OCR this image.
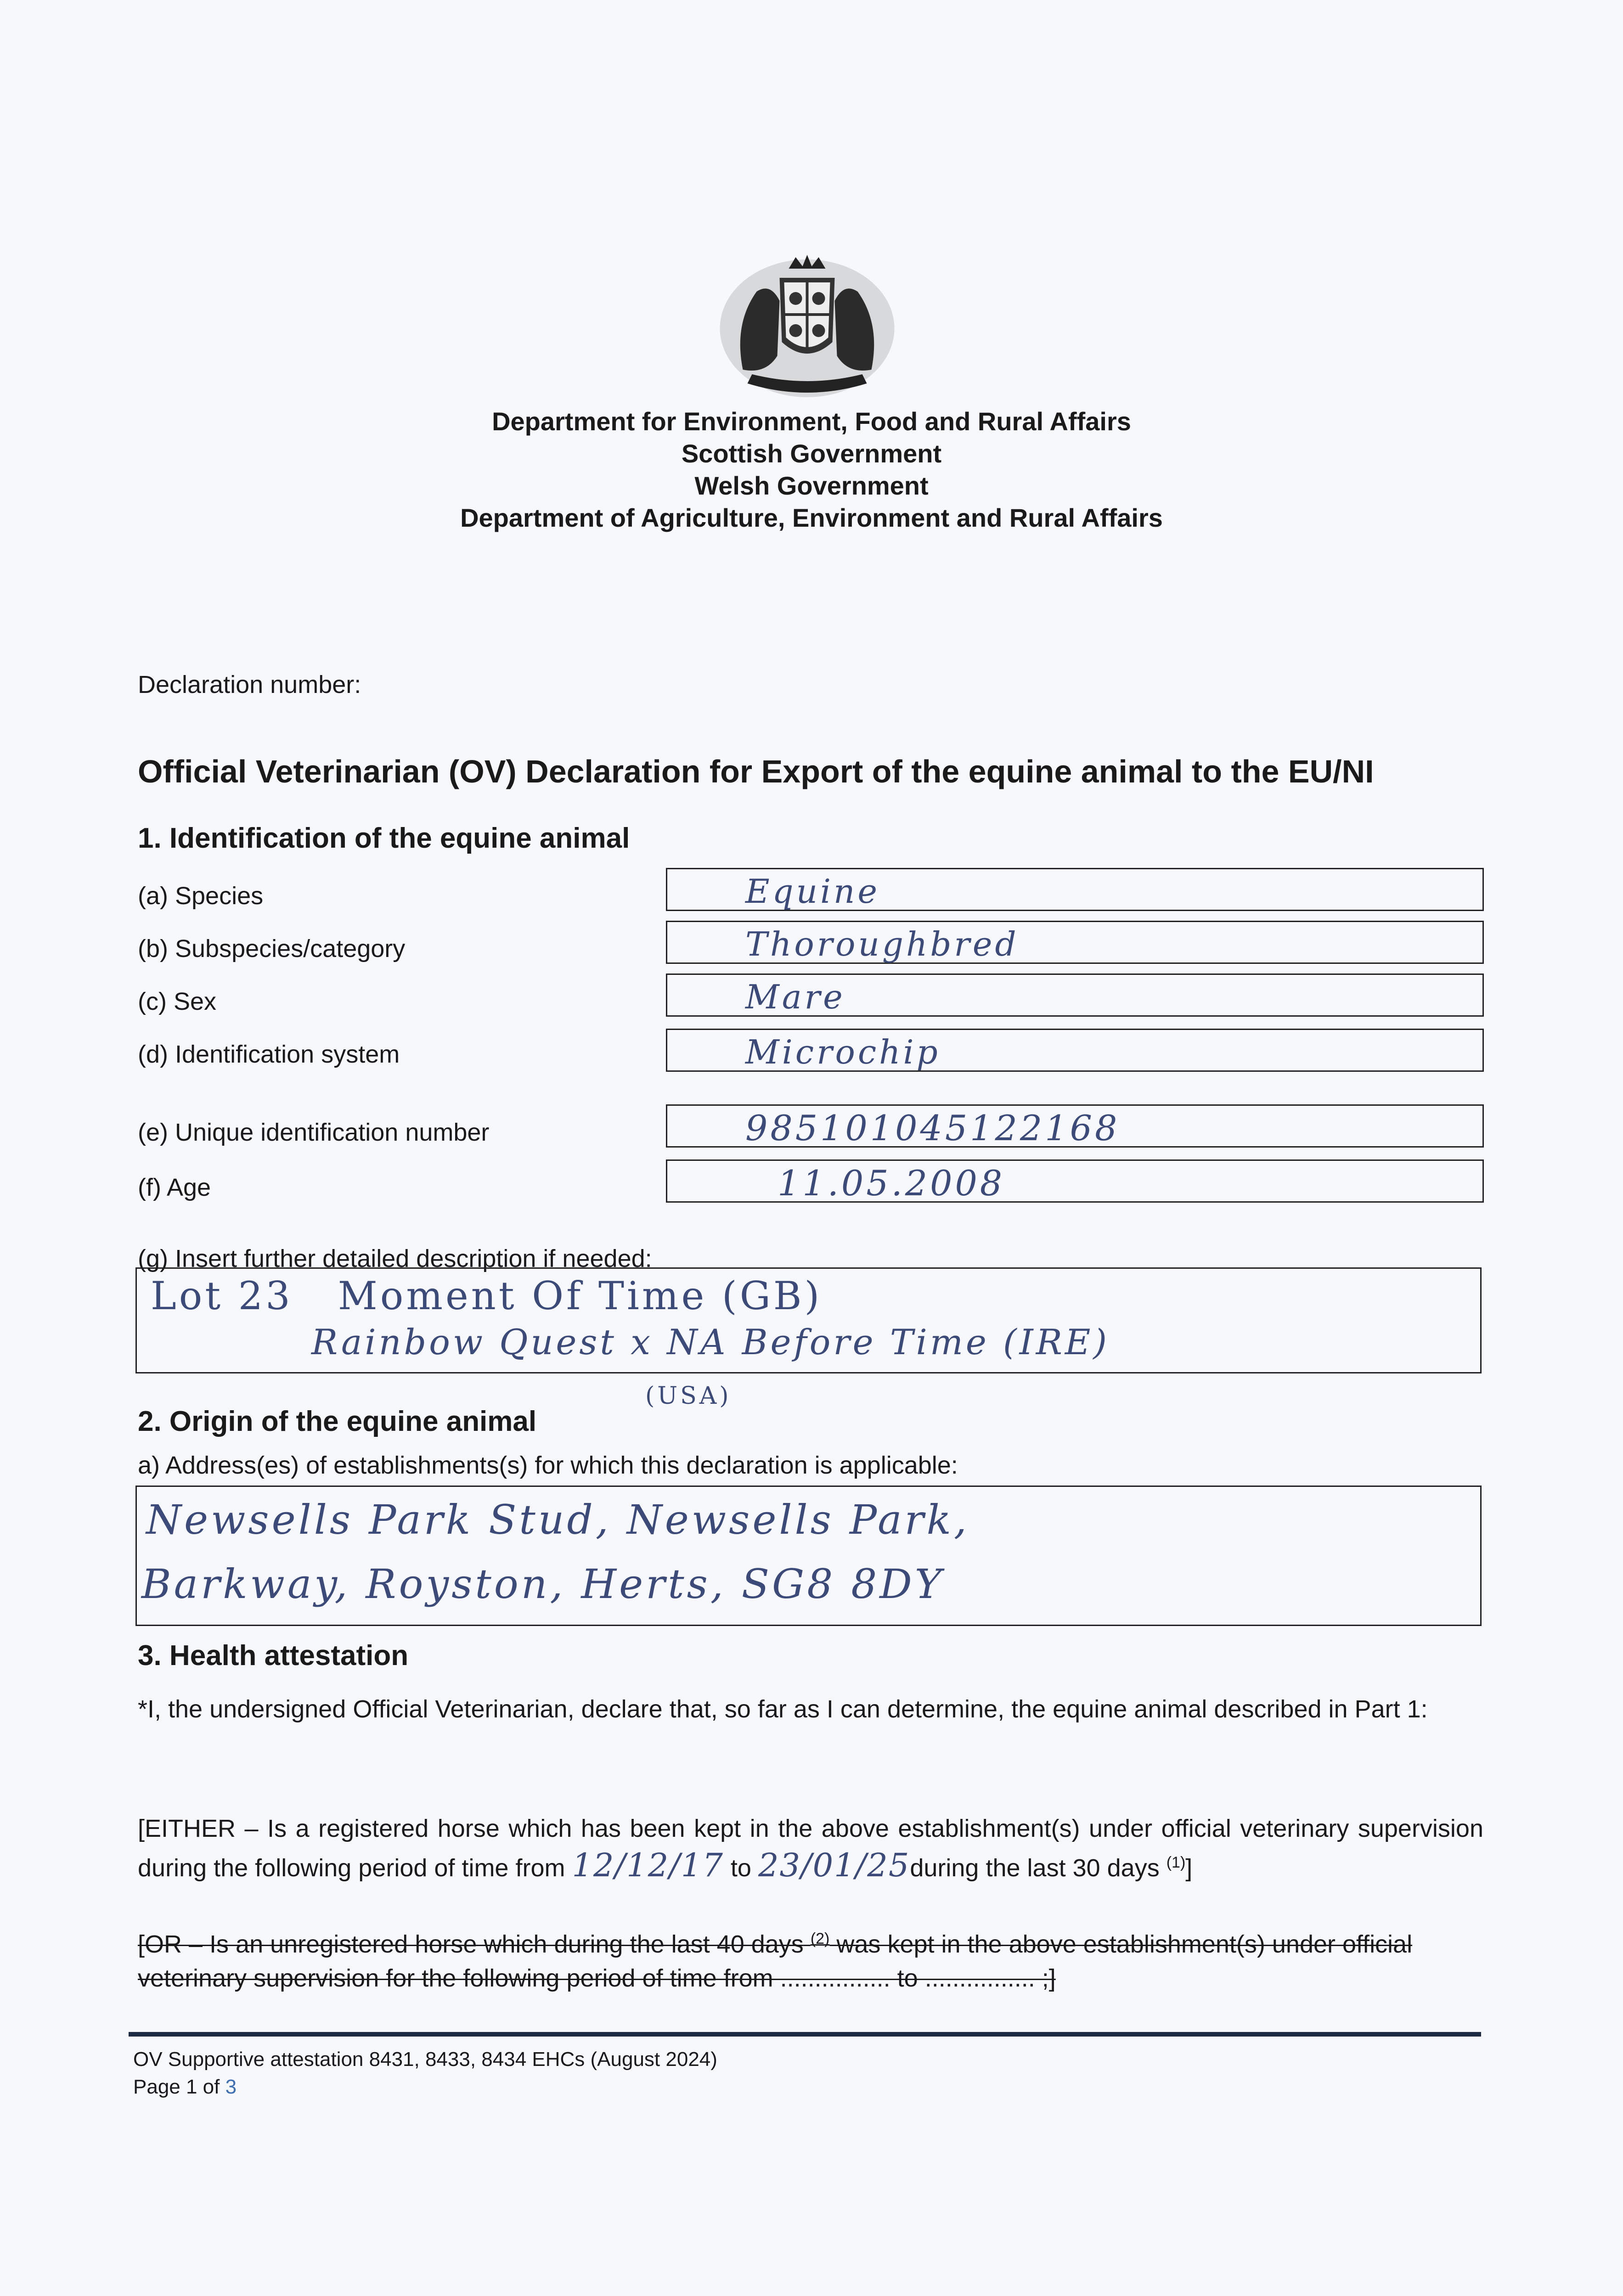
Department for Environment, Food and Rural Affairs
Scottish Government
Welsh Government
Department of Agriculture, Environment and Rural Affairs
Declaration number:
Official Veterinarian (OV) Declaration for Export of the equine animal to the EU/NI
1. Identification of the equine animal
(a) Species	Equine
(b) Subspecies/category	Thoroughbred
(c) Sex	Mare
(d) Identification system	Microchip
(e) Unique identification number	985101045122168
(f) Age	11.05.2008
(g) Insert further detailed description if needed:
Lot 23   Moment Of Time (GB)
Rainbow Quest x NA Before Time (IRE)
(USA)
2. Origin of the equine animal
a) Address(es) of establishments(s) for which this declaration is applicable:
Newsells Park Stud, Newsells Park,
Barkway, Royston, Herts, SG8 8DY
3. Health attestation
*I, the undersigned Official Veterinarian, declare that, so far as I can determine, the equine animal described in Part 1:
[EITHER – Is a registered horse which has been kept in the above establishment(s) under official veterinary supervision during the following period of time from 12/12/17 to 23/01/25during the last 30 days $^{(1)}$]
[OR – Is an unregistered horse which during the last 40 days $^{(2)}$ was kept in the above establishment(s) under official veterinary supervision for the following period of time from ................ to ................ ;]
OV Supportive attestation 8431, 8433, 8434 EHCs (August 2024)
Page 1 of 3
